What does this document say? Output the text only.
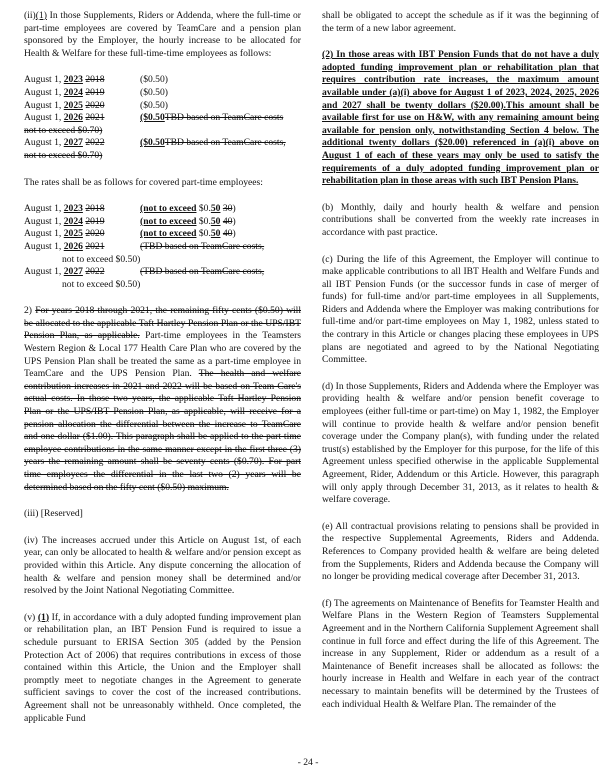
(ii)(1) In those Supplements, Riders or Addenda, where the full-time or part-time employees are covered by TeamCare and a pension plan sponsored by the Employer, the hourly increase to be allocated for Health & Welfare for these full-time-time employees as follows:

August 1, 2023 2018	($0.50)
August 1, 2024 2019	($0.50)
August 1, 2025 2020	($0.50)
August 1, 2026 2021	($0.50TBD based on TeamCare costs
not to exceed $0.70)
August 1, 2027 2022	($0.50TBD based on TeamCare costs,
not to exceed $0.70)

The rates shall be as follows for covered part-time employees:

August 1, 2023 2018	(not to exceed $0.50 30)
August 1, 2024 2019	(not to exceed $0.50 40)
August 1, 2025 2020	(not to exceed $0.50 40)
August 1, 2026 2021	(TBD based on TeamCare costs,
not to exceed $0.50)
August 1, 2027 2022	(TBD based on TeamCare costs,
not to exceed $0.50)

2) For years 2018 through 2021, the remaining fifty cents ($0.50) will be allocated to the applicable Taft Hartley Pension Plan or the UPS/IBT Pension Plan, as applicable. Part-time employees in the Teamsters Western Region & Local 177 Health Care Plan who are covered by the UPS Pension Plan shall be treated the same as a part-time employee in TeamCare and the UPS Pension Plan. The health and welfare contribution increases in 2021 and 2022 will be based on Team Care's actual costs. In those two years, the applicable Taft Hartley Pension Plan or the UPS/IBT Pension Plan, as applicable, will receive for a pension allocation the differential between the increase to TeamCare and one dollar ($1.00). This paragraph shall be applied to the part time employee contributions in the same manner except in the first three (3) years the remaining amount shall be seventy cents ($0.70). For part time employees the differential in the last two (2) years will be determined based on the fifty cent ($0.50) maximum.

(iii) [Reserved]

(iv) The increases accrued under this Article on August 1st, of each year, can only be allocated to health & welfare and/or pension except as provided within this Article. Any dispute concerning the allocation of health & welfare and pension money shall be determined and/or resolved by the Joint National Negotiating Committee.

(v) (1) If, in accordance with a duly adopted funding improvement plan or rehabilitation plan, an IBT Pension Fund is required to issue a schedule pursuant to ERISA Section 305 (added by the Pension Protection Act of 2006) that requires contributions in excess of those contained within this Article, the Union and the Employer shall promptly meet to negotiate changes in the Agreement to generate sufficient savings to cover the cost of the increased contributions. Agreement shall not be unreasonably withheld. Once completed, the applicable Fund

shall be obligated to accept the schedule as if it was the beginning of the term of a new labor agreement.

(2) In those areas with IBT Pension Funds that do not have a duly adopted funding improvement plan or rehabilitation plan that requires contribution rate increases, the maximum amount available under (a)(i) above for August 1 of 2023, 2024, 2025, 2026 and 2027 shall be twenty dollars ($20.00).This amount shall be available first for use on H&W, with any remaining amount being available for pension only, notwithstanding Section 4 below. The additional twenty dollars ($20.00) referenced in (a)(i) above on August 1 of each of these years may only be used to satisfy the requirements of a duly adopted funding improvement plan or rehabilitation plan in those areas with such IBT Pension Plans.

(b) Monthly, daily and hourly health & welfare and pension contributions shall be converted from the weekly rate increases in accordance with past practice.

(c) During the life of this Agreement, the Employer will continue to make applicable contributions to all IBT Health and Welfare Funds and all IBT Pension Funds (or the successor funds in case of merger of funds) for full-time and/or part-time employees in all Supplements, Riders and Addenda where the Employer was making contributions for full-time and/or part-time employees on May 1, 1982, unless stated to the contrary in this Article or changes placing these employees in UPS plans are negotiated and agreed to by the National Negotiating Committee.

(d) In those Supplements, Riders and Addenda where the Employer was providing health & welfare and/or pension benefit coverage to employees (either full-time or part-time) on May 1, 1982, the Employer will continue to provide health & welfare and/or pension benefit coverage under the Company plan(s), with funding under the related trust(s) established by the Employer for this purpose, for the life of this Agreement unless specified otherwise in the applicable Supplemental Agreement, Rider, Addendum or this Article. However, this paragraph will only apply through December 31, 2013, as it relates to health & welfare coverage.

(e) All contractual provisions relating to pensions shall be provided in the respective Supplemental Agreements, Riders and Addenda. References to Company provided health & welfare are being deleted from the Supplements, Riders and Addenda because the Company will no longer be providing medical coverage after December 31, 2013.

(f) The agreements on Maintenance of Benefits for Teamster Health and Welfare Plans in the Western Region of Teamsters Supplemental Agreement and in the Northern California Supplement Agreement shall continue in full force and effect during the life of this Agreement. The increase in any Supplement, Rider or addendum as a result of a Maintenance of Benefit increases shall be allocated as follows: the hourly increase in Health and Welfare in each year of the contract necessary to maintain benefits will be determined by the Trustees of each individual Health & Welfare Plan. The remainder of the

- 24 -
